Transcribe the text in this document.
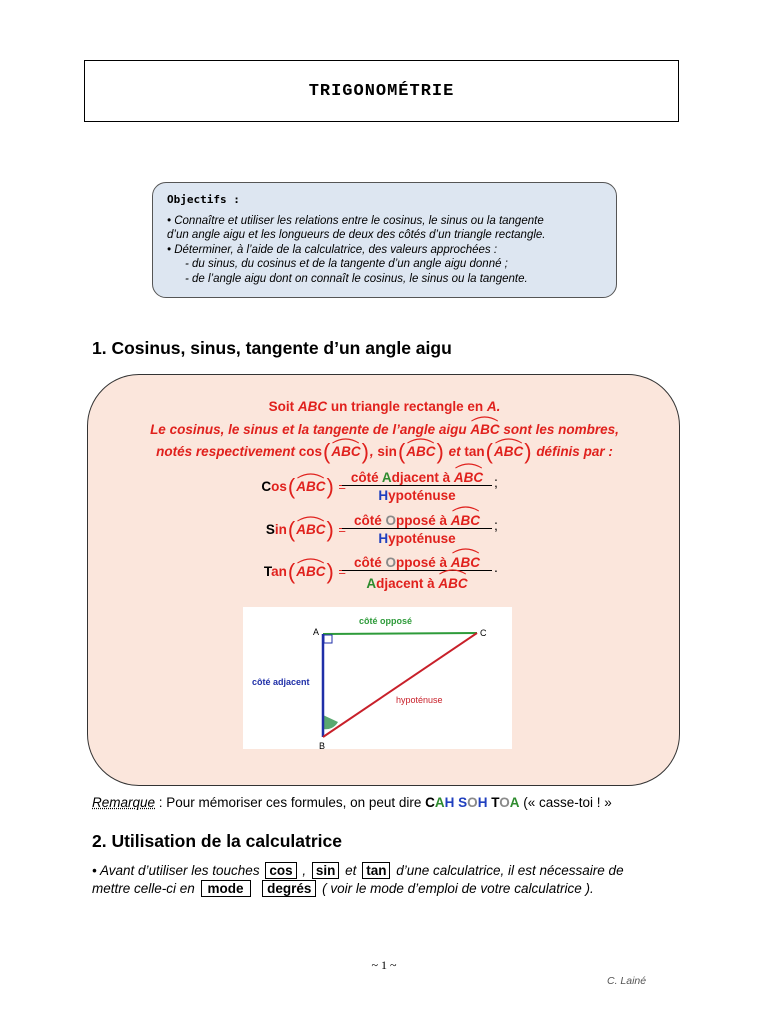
TRIGONOMÉTRIE
Objectifs :
• Connaître et utiliser les relations entre le cosinus, le sinus ou la tangente
d’un angle aigu et les longueurs de deux des côtés d’un triangle rectangle.
• Déterminer, à l’aide de la calculatrice, des valeurs approchées :
- du sinus, du cosinus et de la tangente d’un angle aigu donné ;
- de l’angle aigu dont on connaît le cosinus, le sinus ou la tangente.
1. Cosinus, sinus, tangente d’un angle aigu
Soit ABC un triangle rectangle en A.
Le cosinus, le sinus et la tangente de l’angle aigu
ABC sont les nombres,
notés respectivement cos(
ABC), sin(
ABC) et tan(
ABC) définis par :
Cos(
ABC) =
côté Adjacent à
ABC
Hypoténuse
;
Sin(
ABC) =
côté Opposé à
ABC
Hypoténuse
;
Tan(
ABC) =
côté Opposé à
ABC
Adjacent à
ABC
.
A	C
B
côté opposé
côté adjacent
hypoténuse
Remarque : Pour mémoriser ces formules, on peut dire CAH SOH TOA (« casse-toi ! »
2. Utilisation de la calculatrice
• Avant d’utiliser les touches cos , sin et tan d’une calculatrice, il est nécessaire de
mettre celle-ci en mode degrés ( voir le mode d’emploi de votre calculatrice ).
~ 1 ~
C. Lainé
